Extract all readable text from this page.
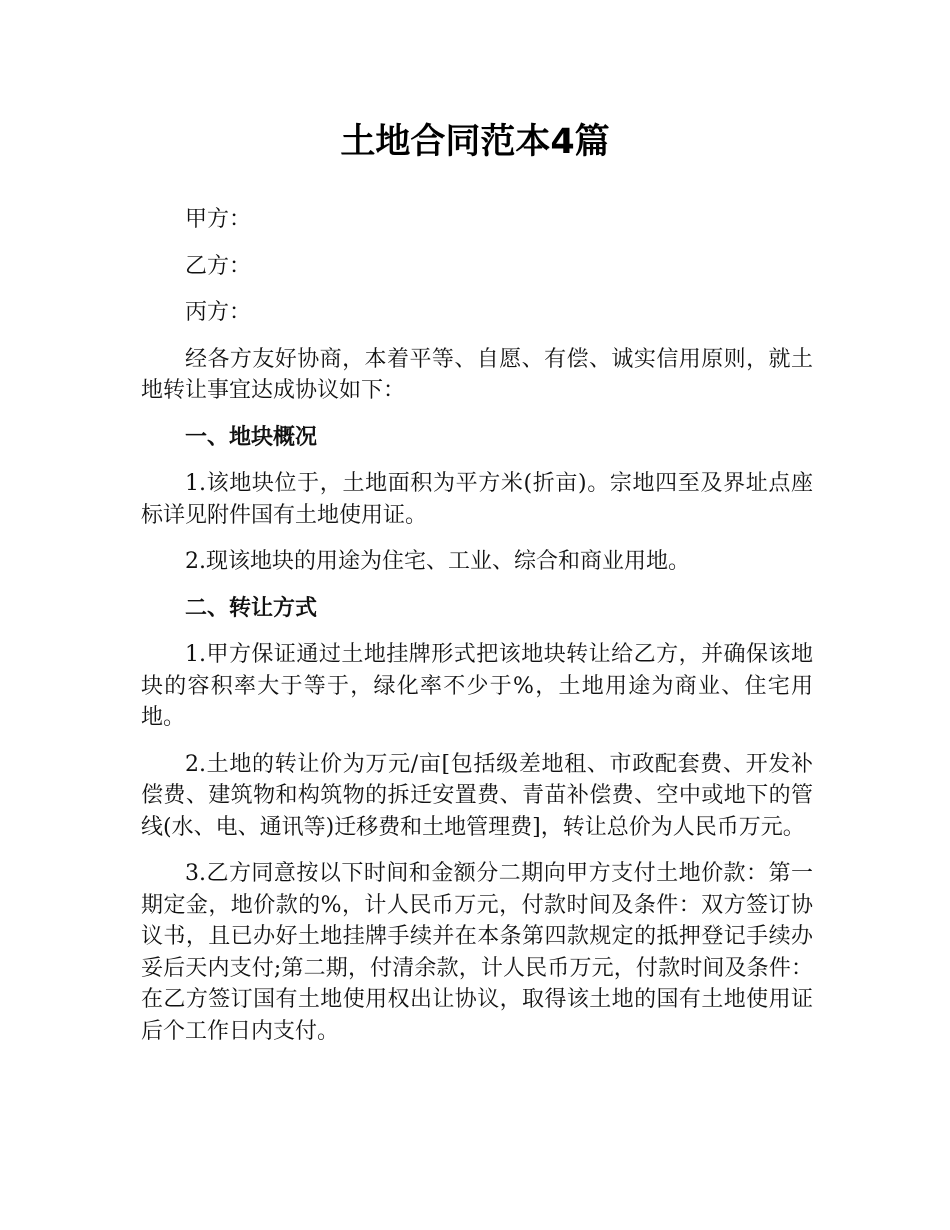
土地合同范本4篇

甲方：

乙方：

丙方：

经各方友好协商，本着平等、自愿、有偿、诚实信用原则，就土地转让事宜达成协议如下：

一、地块概况

1.该地块位于，土地面积为平方米(折亩)。宗地四至及界址点座标详见附件国有土地使用证。

2.现该地块的用途为住宅、工业、综合和商业用地。

二、转让方式

1.甲方保证通过土地挂牌形式把该地块转让给乙方，并确保该地块的容积率大于等于，绿化率不少于%，土地用途为商业、住宅用地。

2.土地的转让价为万元/亩[包括级差地租、市政配套费、开发补偿费、建筑物和构筑物的拆迁安置费、青苗补偿费、空中或地下的管线(水、电、通讯等)迁移费和土地管理费]，转让总价为人民币万元。

3.乙方同意按以下时间和金额分二期向甲方支付土地价款：第一期定金，地价款的%，计人民币万元，付款时间及条件：双方签订协议书，且已办好土地挂牌手续并在本条第四款规定的抵押登记手续办妥后天内支付;第二期，付清余款，计人民币万元，付款时间及条件：在乙方签订国有土地使用权出让协议，取得该土地的国有土地使用证后个工作日内支付。
